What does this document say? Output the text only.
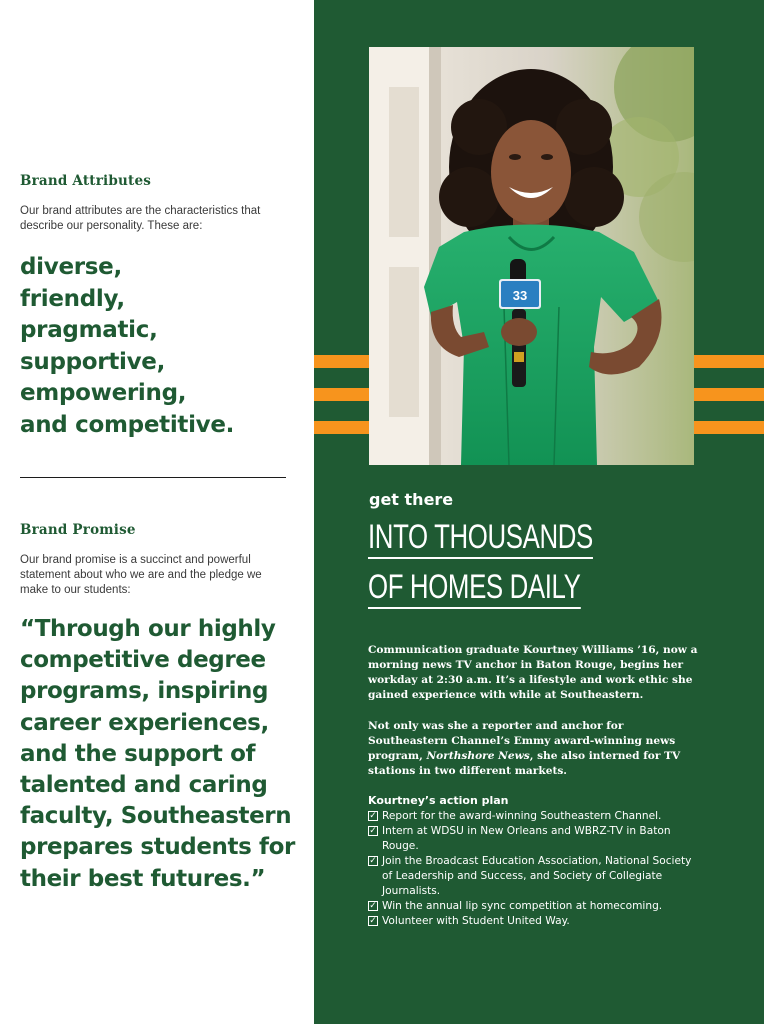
Brand Attributes
Our brand attributes are the characteristics that describe our personality. These are:
diverse,
friendly,
pragmatic,
supportive,
empowering,
and competitive.
Brand Promise
Our brand promise is a succinct and powerful statement about who we are and the pledge we make to our students:
“Through our highly competitive degree programs, inspiring career experiences, and the support of talented and caring faculty, Southeastern prepares students for their best futures.”
33
get there
INTO THOUSANDS
OF HOMES DAILY
Communication graduate Kourtney Williams ’16, now a morning news TV anchor in Baton Rouge, begins her workday at 2:30 a.m. It’s a lifestyle and work ethic she gained experience with while at Southeastern.
Not only was she a reporter and anchor for Southeastern Channel’s Emmy award-winning news program, Northshore News, she also interned for TV stations in two different markets.
Kourtney’s action plan
✓ Report for the award-winning Southeastern Channel.
✓ Intern at WDSU in New Orleans and WBRZ-TV in Baton Rouge.
✓ Join the Broadcast Education Association, National Society of Leadership and Success, and Society of Collegiate Journalists.
✓ Win the annual lip sync competition at homecoming.
✓ Volunteer with Student United Way.
